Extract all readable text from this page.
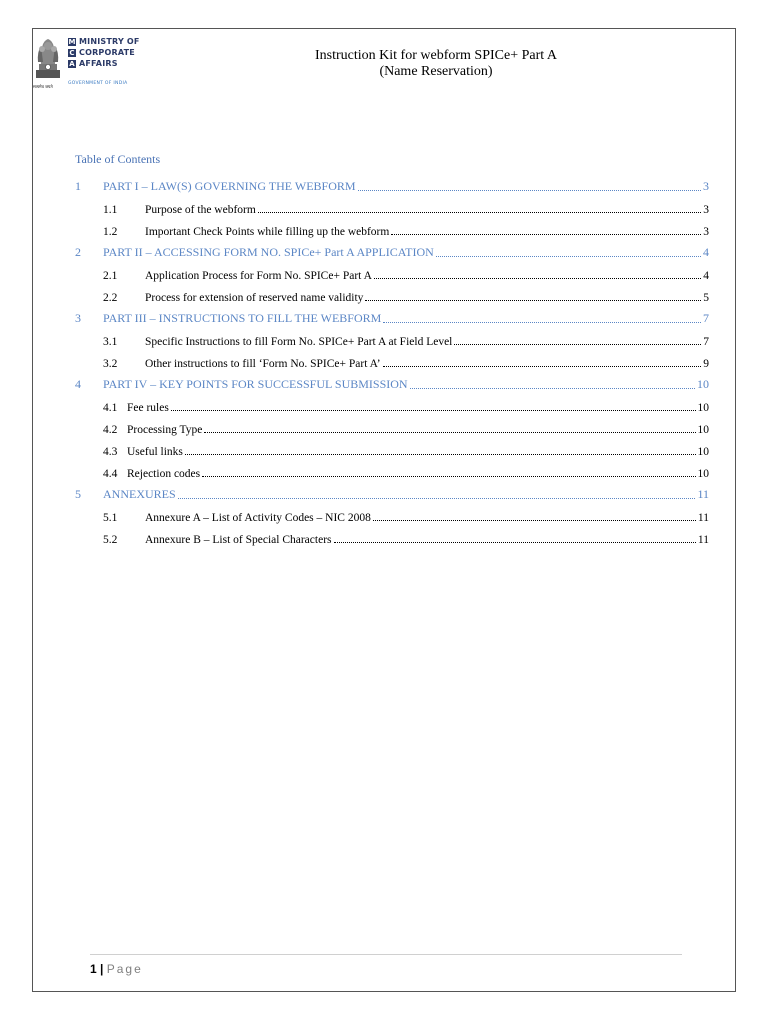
सत्यमेव जयते
M MINISTRY OF
C CORPORATE
A AFFAIRS
GOVERNMENT OF INDIA
Instruction Kit for webform SPICe+ Part A
(Name Reservation)
Table of Contents
1	PART I – LAW(S) GOVERNING THE WEBFORM	3
1.1	Purpose of the webform	3
1.2	Important Check Points while filling up the webform	3
2	PART II – ACCESSING FORM NO. SPICe+ Part A APPLICATION	4
2.1	Application Process for Form No. SPICe+ Part A	4
2.2	Process for extension of reserved name validity	5
3	PART III – INSTRUCTIONS TO FILL THE WEBFORM	7
3.1	Specific Instructions to fill Form No. SPICe+ Part A at Field Level	7
3.2	Other instructions to fill ‘Form No. SPICe+ Part A’	9
4	PART IV – KEY POINTS FOR SUCCESSFUL SUBMISSION	10
4.1 Fee rules	10
4.2 Processing Type	10
4.3 Useful links	10
4.4 Rejection codes	10
5	ANNEXURES	11
5.1	Annexure A – List of Activity Codes – NIC 2008	11
5.2	Annexure B – List of Special Characters	11
1 | Page
